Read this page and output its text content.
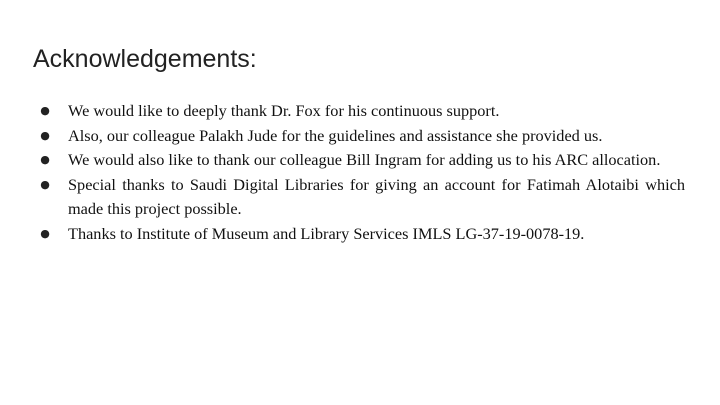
Acknowledgements:
● We would like to deeply thank Dr. Fox for his continuous support.
● Also, our colleague Palakh Jude for the guidelines and assistance she provided us.
● We would also like to thank our colleague Bill Ingram for adding us to his ARC allocation.
● Special thanks to Saudi Digital Libraries for giving an account for Fatimah Alotaibi which made this project possible.
● Thanks to Institute of Museum and Library Services IMLS LG-37-19-0078-19.
